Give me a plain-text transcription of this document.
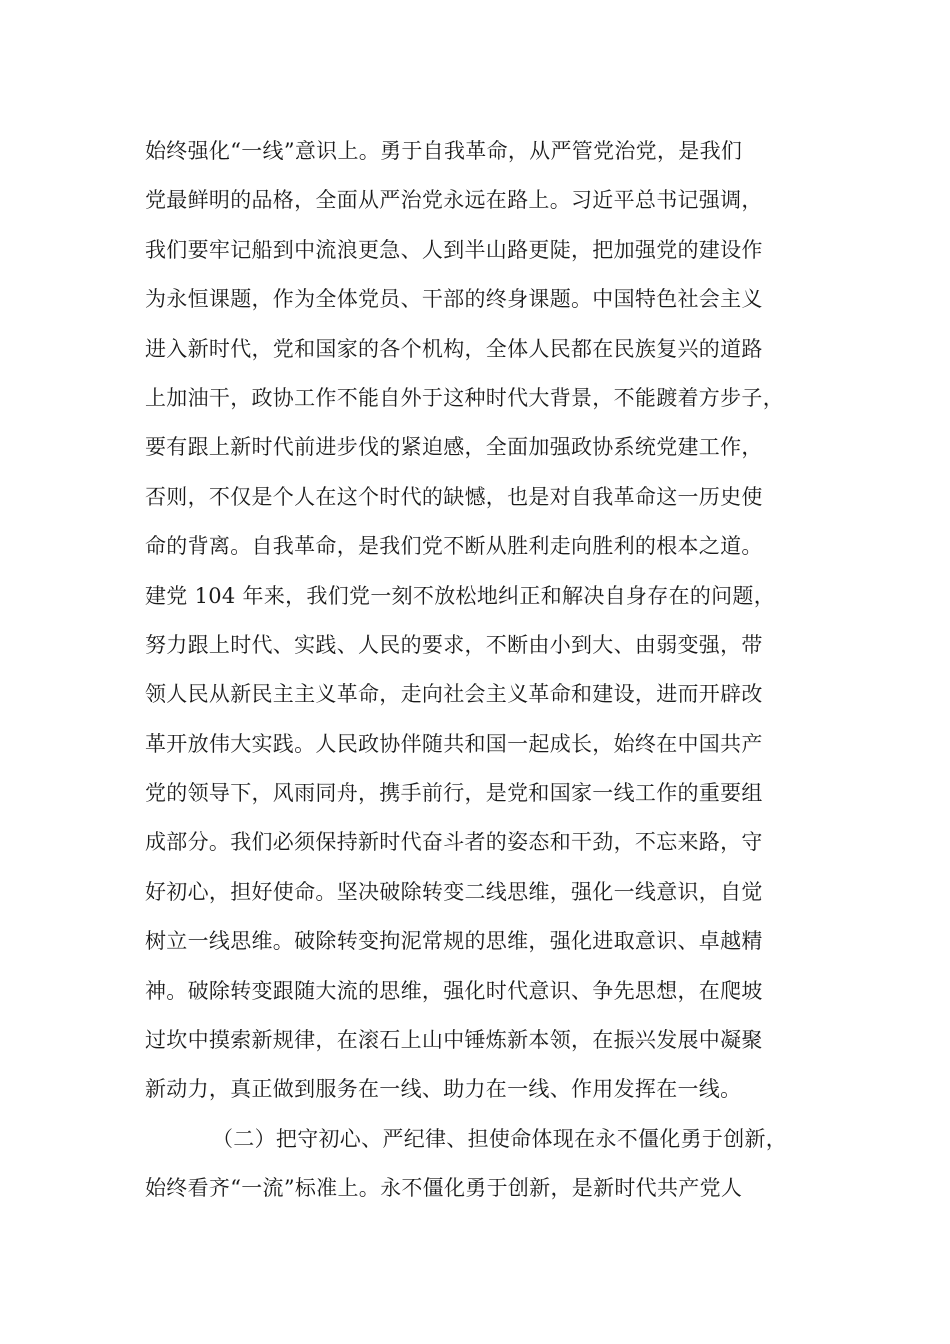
始终强化“一线”意识上。勇于自我革命，从严管党治党，是我们
党最鲜明的品格，全面从严治党永远在路上。习近平总书记强调，
我们要牢记船到中流浪更急、人到半山路更陡，把加强党的建设作
为永恒课题，作为全体党员、干部的终身课题。中国特色社会主义
进入新时代，党和国家的各个机构，全体人民都在民族复兴的道路
上加油干，政协工作不能自外于这种时代大背景，不能踱着方步子，
要有跟上新时代前进步伐的紧迫感，全面加强政协系统党建工作，
否则，不仅是个人在这个时代的缺憾，也是对自我革命这一历史使
命的背离。自我革命，是我们党不断从胜利走向胜利的根本之道。
建党 104 年来，我们党一刻不放松地纠正和解决自身存在的问题，
努力跟上时代、实践、人民的要求，不断由小到大、由弱变强，带
领人民从新民主主义革命，走向社会主义革命和建设，进而开辟改
革开放伟大实践。人民政协伴随共和国一起成长，始终在中国共产
党的领导下，风雨同舟，携手前行，是党和国家一线工作的重要组
成部分。我们必须保持新时代奋斗者的姿态和干劲，不忘来路，守
好初心，担好使命。坚决破除转变二线思维，强化一线意识，自觉
树立一线思维。破除转变拘泥常规的思维，强化进取意识、卓越精
神。破除转变跟随大流的思维，强化时代意识、争先思想，在爬坡
过坎中摸索新规律，在滚石上山中锤炼新本领，在振兴发展中凝聚
新动力，真正做到服务在一线、助力在一线、作用发挥在一线。
（二）把守初心、严纪律、担使命体现在永不僵化勇于创新，
始终看齐“一流”标准上。永不僵化勇于创新，是新时代共产党人
